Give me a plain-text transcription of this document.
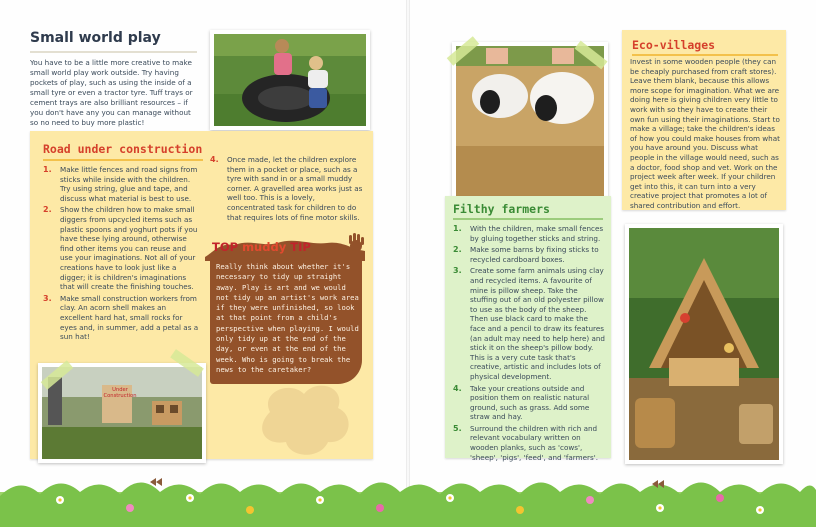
Small world play

You have to be a little more creative to make small world play work outside. Try having pockets of play, such as using the inside of a small tyre or even a tractor tyre. Tuff trays or cement trays are also brilliant resources – if you don't have any you can manage without so no need to buy more plastic!

Road under construction
1. Make little fences and road signs from sticks while inside with the children. Try using string, glue and tape, and discuss what material is best to use.
2. Show the children how to make small diggers from upcycled items such as plastic spoons and yoghurt pots if you have these lying around, otherwise find other items you can reuse and use your imaginations. Not all of your creations have to look just like a digger; it is children's imaginations that will create the finishing touches.
3. Make small construction workers from clay. An acorn shell makes an excellent hard hat, small rocks for eyes and, in summer, add a petal as a sun hat!
4. Once made, let the children explore them in a pocket or place, such as a tyre with sand in or a small muddy corner. A gravelled area works just as well too. This is a lovely, concentrated task for children to do that requires lots of fine motor skills.
Under Construction

TOP muddy TIP

Really think about whether it's necessary to tidy up straight away. Play is art and we would not tidy up an artist's work area if they were unfinished, so look at that point from a child's perspective when playing. I would only tidy up at the end of the day, or even at the end of the week. Who is going to break the news to the caretaker?

Filthy farmers
1. With the children, make small fences by gluing together sticks and string.
2. Make some barns by fixing sticks to recycled cardboard boxes.
3. Create some farm animals using clay and recycled items. A favourite of mine is pillow sheep. Take the stuffing out of an old polyester pillow to use as the body of the sheep. Then use black card to make the face and a pencil to draw its features (an adult may need to help here) and stick it on the sheep's pillow body. This is a very cute task that's creative, artistic and includes lots of physical development.
4. Take your creations outside and position them on realistic natural ground, such as grass. Add some straw and hay.
5. Surround the children with rich and relevant vocabulary written on wooden planks, such as 'cows', 'sheep', 'pigs', 'feed', and 'farmers'.
Eco-villages

Invest in some wooden people (they can be cheaply purchased from craft stores). Leave them blank, because this allows more scope for imagination. What we are doing here is giving children very little to work with so they have to create their own fun using their imaginations. Start to make a village; take the children's ideas of how you could make houses from what you have around you. Discuss what people in the village would need, such as a doctor, food shop and vet. Work on the project week after week. If your children get into this, it can turn into a very creative project that promotes a lot of shared contribution and effort.
